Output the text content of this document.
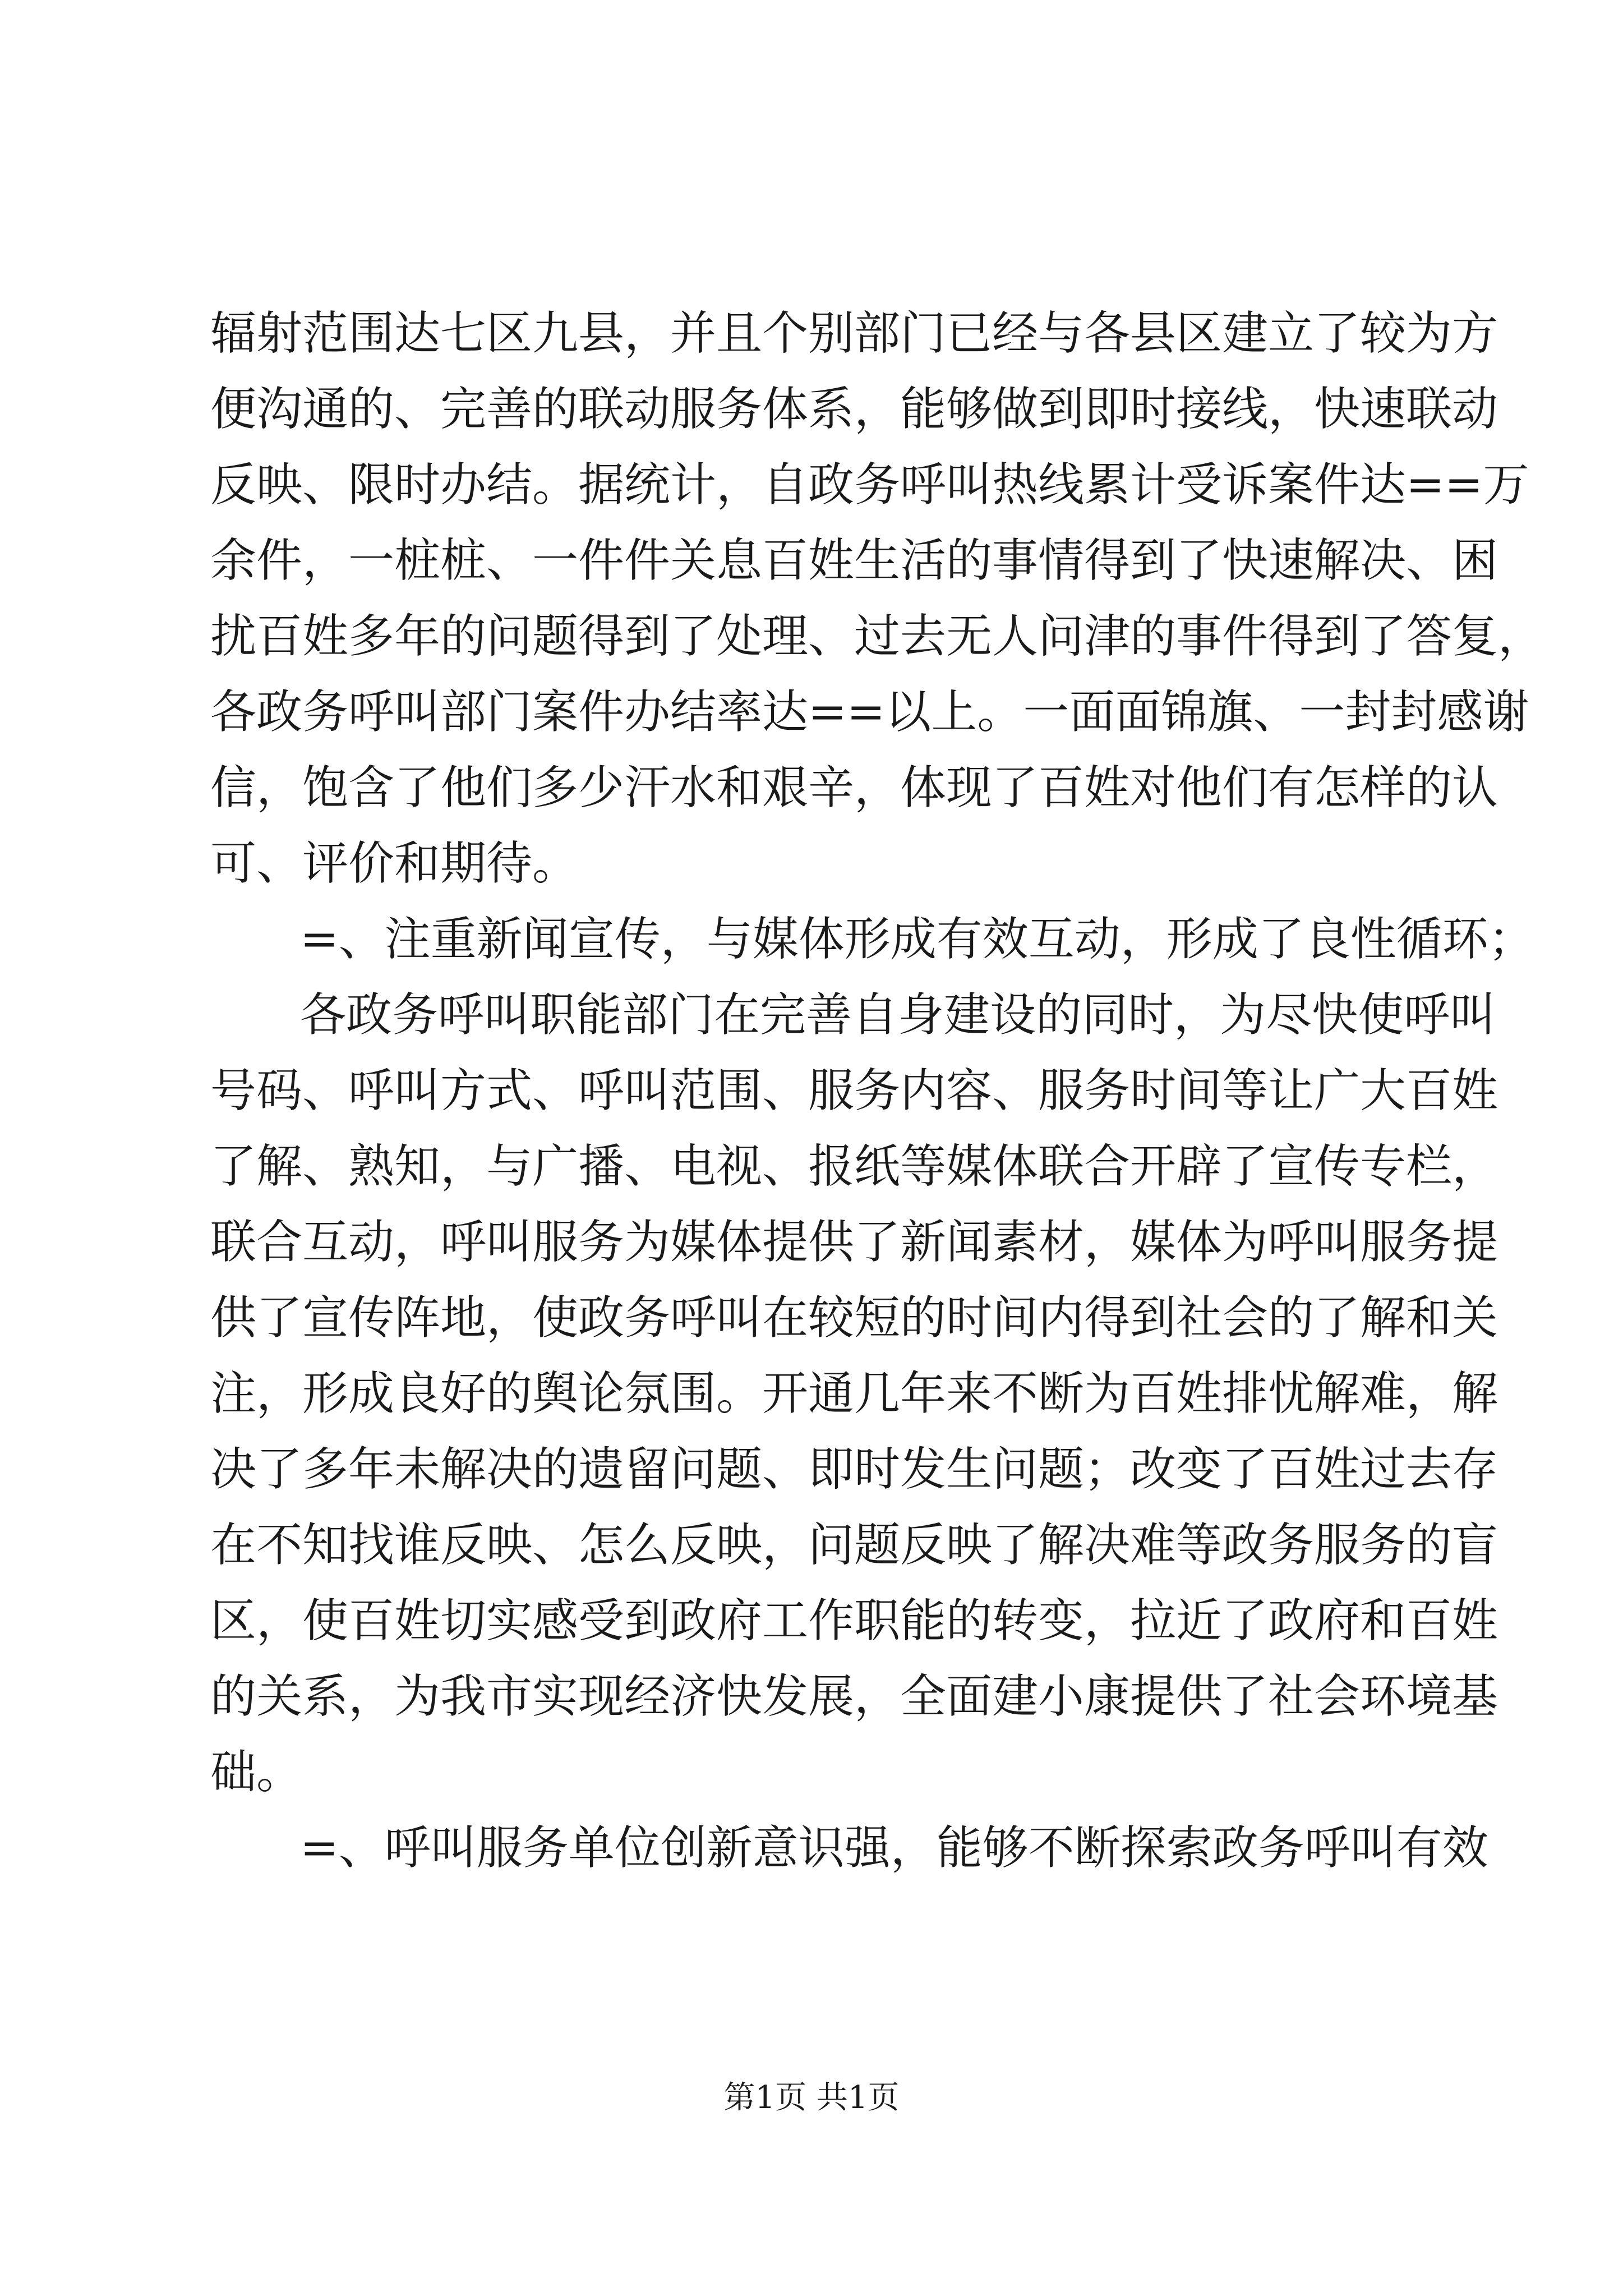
辐射范围达七区九县，并且个别部门已经与各县区建立了较为方
便沟通的、完善的联动服务体系，能够做到即时接线，快速联动
反映、限时办结。据统计，自政务呼叫热线累计受诉案件达==万
余件，一桩桩、一件件关息百姓生活的事情得到了快速解决、困
扰百姓多年的问题得到了处理、过去无人问津的事件得到了答复，
各政务呼叫部门案件办结率达==以上。一面面锦旗、一封封感谢
信，饱含了他们多少汗水和艰辛，体现了百姓对他们有怎样的认
可、评价和期待。
=、注重新闻宣传，与媒体形成有效互动，形成了良性循环；
各政务呼叫职能部门在完善自身建设的同时，为尽快使呼叫
号码、呼叫方式、呼叫范围、服务内容、服务时间等让广大百姓
了解、熟知，与广播、电视、报纸等媒体联合开辟了宣传专栏，
联合互动，呼叫服务为媒体提供了新闻素材，媒体为呼叫服务提
供了宣传阵地，使政务呼叫在较短的时间内得到社会的了解和关
注，形成良好的舆论氛围。开通几年来不断为百姓排忧解难，解
决了多年未解决的遗留问题、即时发生问题；改变了百姓过去存
在不知找谁反映、怎么反映，问题反映了解决难等政务服务的盲
区，使百姓切实感受到政府工作职能的转变，拉近了政府和百姓
的关系，为我市实现经济快发展，全面建小康提供了社会环境基
础。
=、呼叫服务单位创新意识强，能够不断探索政务呼叫有效
第1页 共1页
